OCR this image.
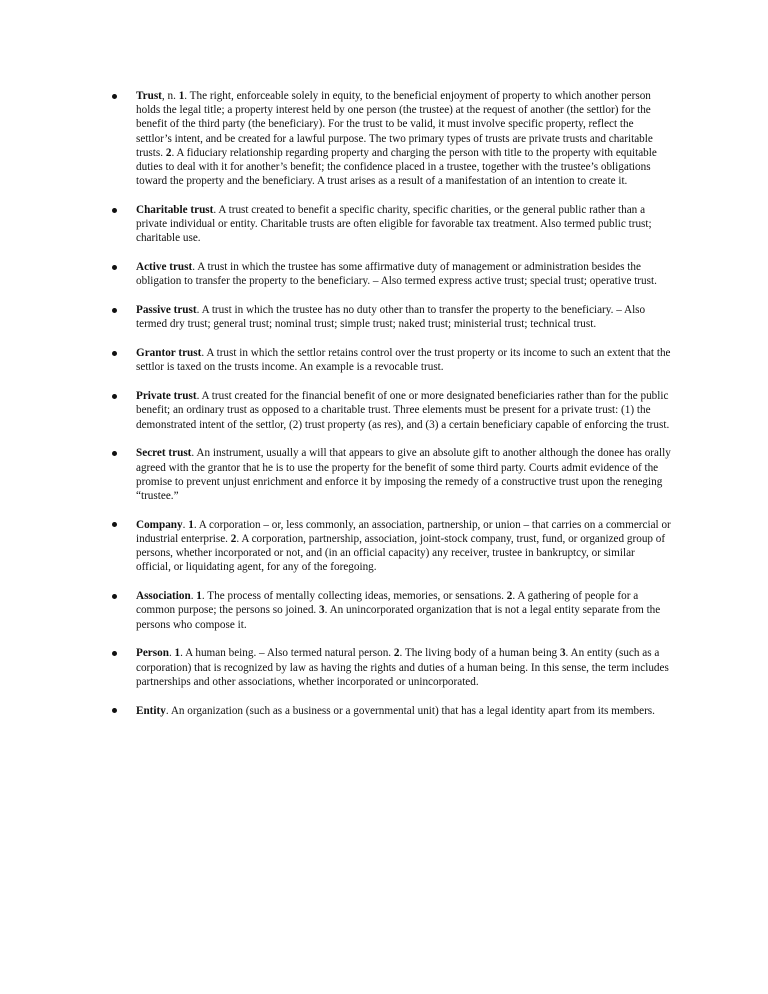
Trust, n. 1. The right, enforceable solely in equity, to the beneficial enjoyment of property to which another person holds the legal title; a property interest held by one person (the trustee) at the request of another (the settlor) for the benefit of the third party (the beneficiary). For the trust to be valid, it must involve specific property, reflect the settlor’s intent, and be created for a lawful purpose. The two primary types of trusts are private trusts and charitable trusts. 2. A fiduciary relationship regarding property and charging the person with title to the property with equitable duties to deal with it for another’s benefit; the confidence placed in a trustee, together with the trustee’s obligations toward the property and the beneficiary. A trust arises as a result of a manifestation of an intention to create it.
Charitable trust. A trust created to benefit a specific charity, specific charities, or the general public rather than a private individual or entity. Charitable trusts are often eligible for favorable tax treatment. Also termed public trust; charitable use.
Active trust. A trust in which the trustee has some affirmative duty of management or administration besides the obligation to transfer the property to the beneficiary. – Also termed express active trust; special trust; operative trust.
Passive trust. A trust in which the trustee has no duty other than to transfer the property to the beneficiary. – Also termed dry trust; general trust; nominal trust; simple trust; naked trust; ministerial trust; technical trust.
Grantor trust. A trust in which the settlor retains control over the trust property or its income to such an extent that the settlor is taxed on the trusts income. An example is a revocable trust.
Private trust. A trust created for the financial benefit of one or more designated beneficiaries rather than for the public benefit; an ordinary trust as opposed to a charitable trust. Three elements must be present for a private trust: (1) the demonstrated intent of the settlor, (2) trust property (as res), and (3) a certain beneficiary capable of enforcing the trust.
Secret trust. An instrument, usually a will that appears to give an absolute gift to another although the donee has orally agreed with the grantor that he is to use the property for the benefit of some third party. Courts admit evidence of the promise to prevent unjust enrichment and enforce it by imposing the remedy of a constructive trust upon the reneging “trustee.”
Company. 1. A corporation – or, less commonly, an association, partnership, or union – that carries on a commercial or industrial enterprise. 2. A corporation, partnership, association, joint-stock company, trust, fund, or organized group of persons, whether incorporated or not, and (in an official capacity) any receiver, trustee in bankruptcy, or similar official, or liquidating agent, for any of the foregoing.
Association. 1. The process of mentally collecting ideas, memories, or sensations. 2. A gathering of people for a common purpose; the persons so joined. 3. An unincorporated organization that is not a legal entity separate from the persons who compose it.
Person. 1. A human being. – Also termed natural person. 2. The living body of a human being 3. An entity (such as a corporation) that is recognized by law as having the rights and duties of a human being. In this sense, the term includes partnerships and other associations, whether incorporated or unincorporated.
Entity. An organization (such as a business or a governmental unit) that has a legal identity apart from its members.
